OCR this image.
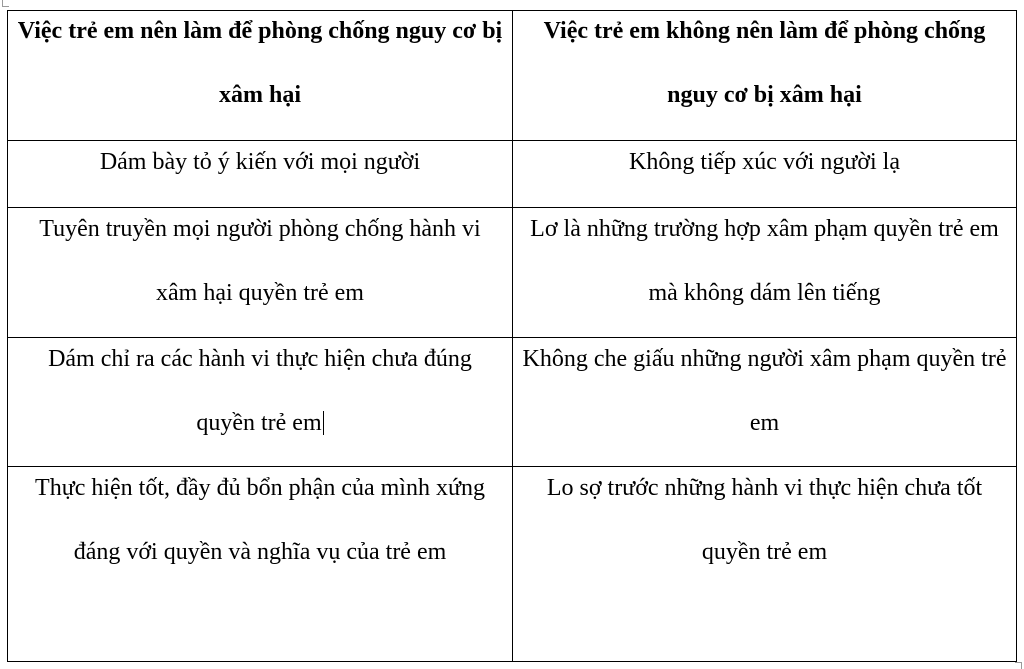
Việc trẻ em nên làm để phòng chống nguy cơ bị xâm hại	Việc trẻ em không nên làm để phòng chống nguy cơ bị xâm hại

Dám bày tỏ ý kiến với mọi người	Không tiếp xúc với người lạ

Tuyên truyền mọi người phòng chống hành vi xâm hại quyền trẻ em	Lơ là những trường hợp xâm phạm quyền trẻ em mà không dám lên tiếng

Dám chỉ ra các hành vi thực hiện chưa đúng quyền trẻ em	Không che giấu những người xâm phạm quyền trẻ em

Thực hiện tốt, đầy đủ bổn phận của mình xứng đáng với quyền và nghĩa vụ của trẻ em	Lo sợ trước những hành vi thực hiện chưa tốt quyền trẻ em
